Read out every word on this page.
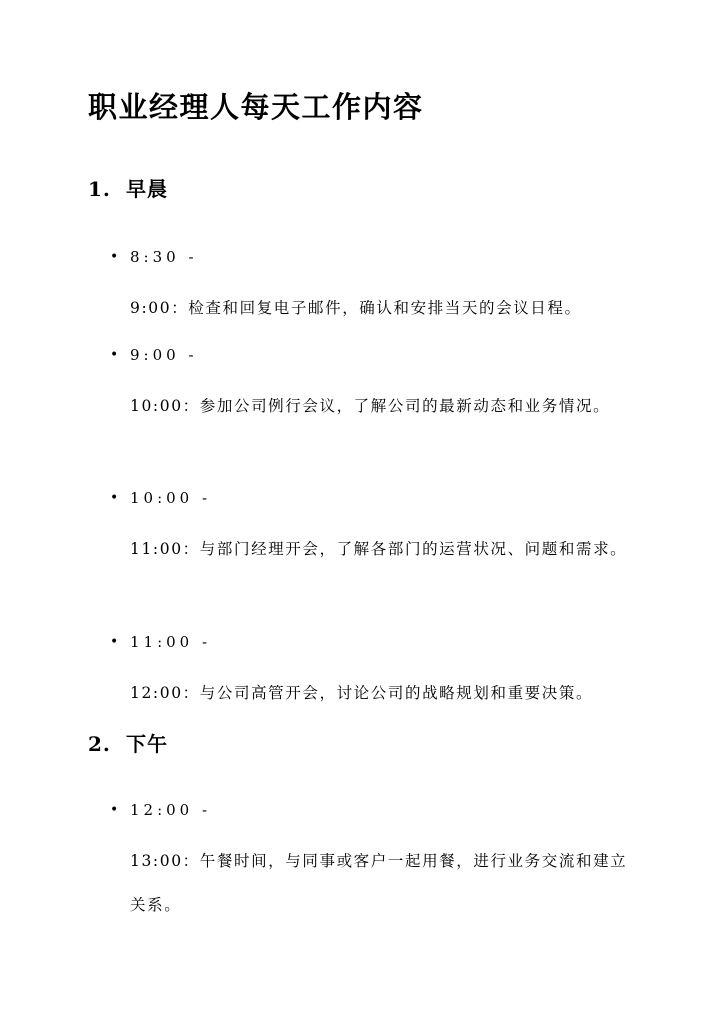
职业经理人每天工作内容
1. 早晨
• 8:30 -
9:00：检查和回复电子邮件，确认和安排当天的会议日程。
• 9:00 -
10:00：参加公司例行会议，了解公司的最新动态和业务情况。
• 10:00 -
11:00：与部门经理开会，了解各部门的运营状况、问题和需求。
• 11:00 -
12:00：与公司高管开会，讨论公司的战略规划和重要决策。
2. 下午
• 12:00 -
13:00：午餐时间，与同事或客户一起用餐，进行业务交流和建立关系。
